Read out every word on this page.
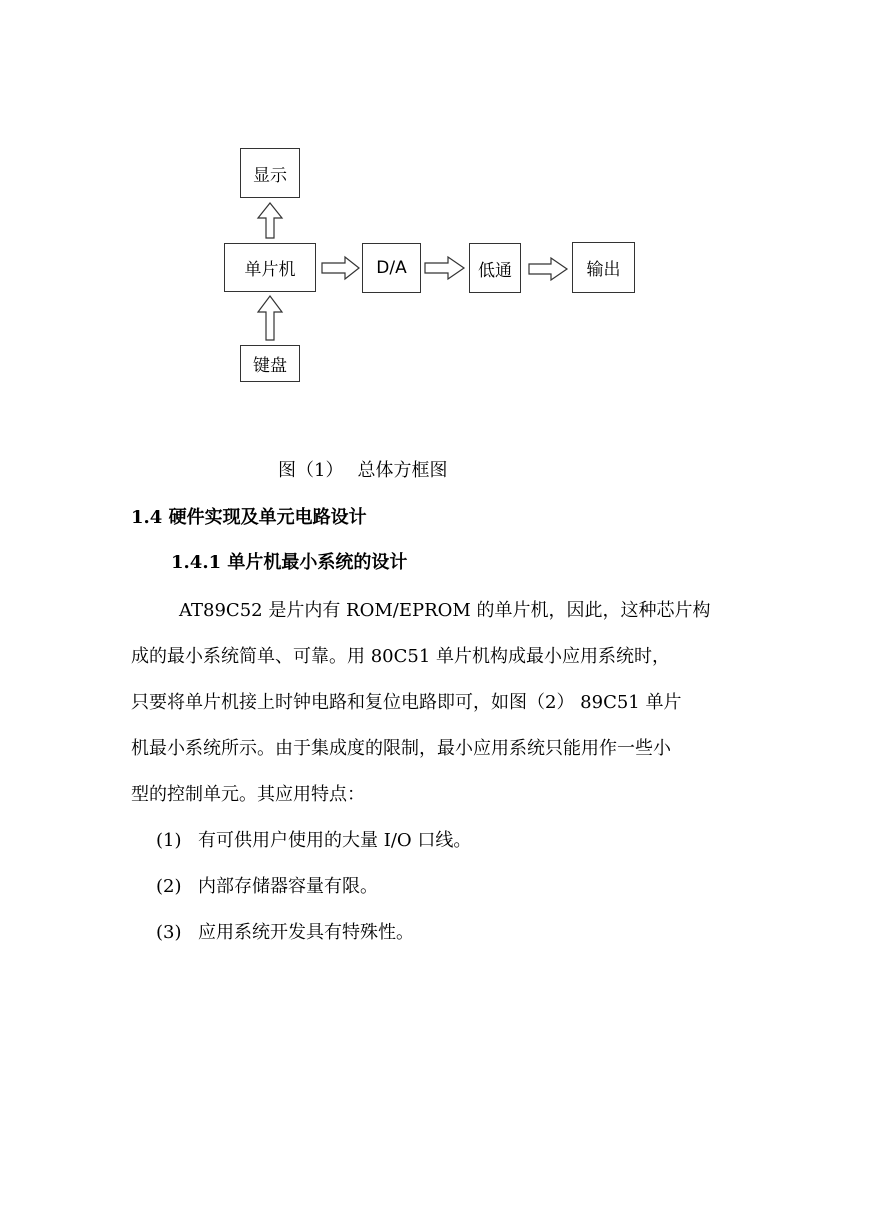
显示
单片机	D/A	低通	输出
键盘
图（1） 总体方框图
1.4 硬件实现及单元电路设计
1.4.1 单片机最小系统的设计
AT89C52 是片内有 ROM/EPROM 的单片机，因此，这种芯片构
成的最小系统简单、可靠。用 80C51 单片机构成最小应用系统时，
只要将单片机接上时钟电路和复位电路即可，如图（2） 89C51 单片
机最小系统所示。由于集成度的限制，最小应用系统只能用作一些小
型的控制单元。其应用特点：
(1) 有可供用户使用的大量 I/O 口线。
(2) 内部存储器容量有限。
(3) 应用系统开发具有特殊性。
